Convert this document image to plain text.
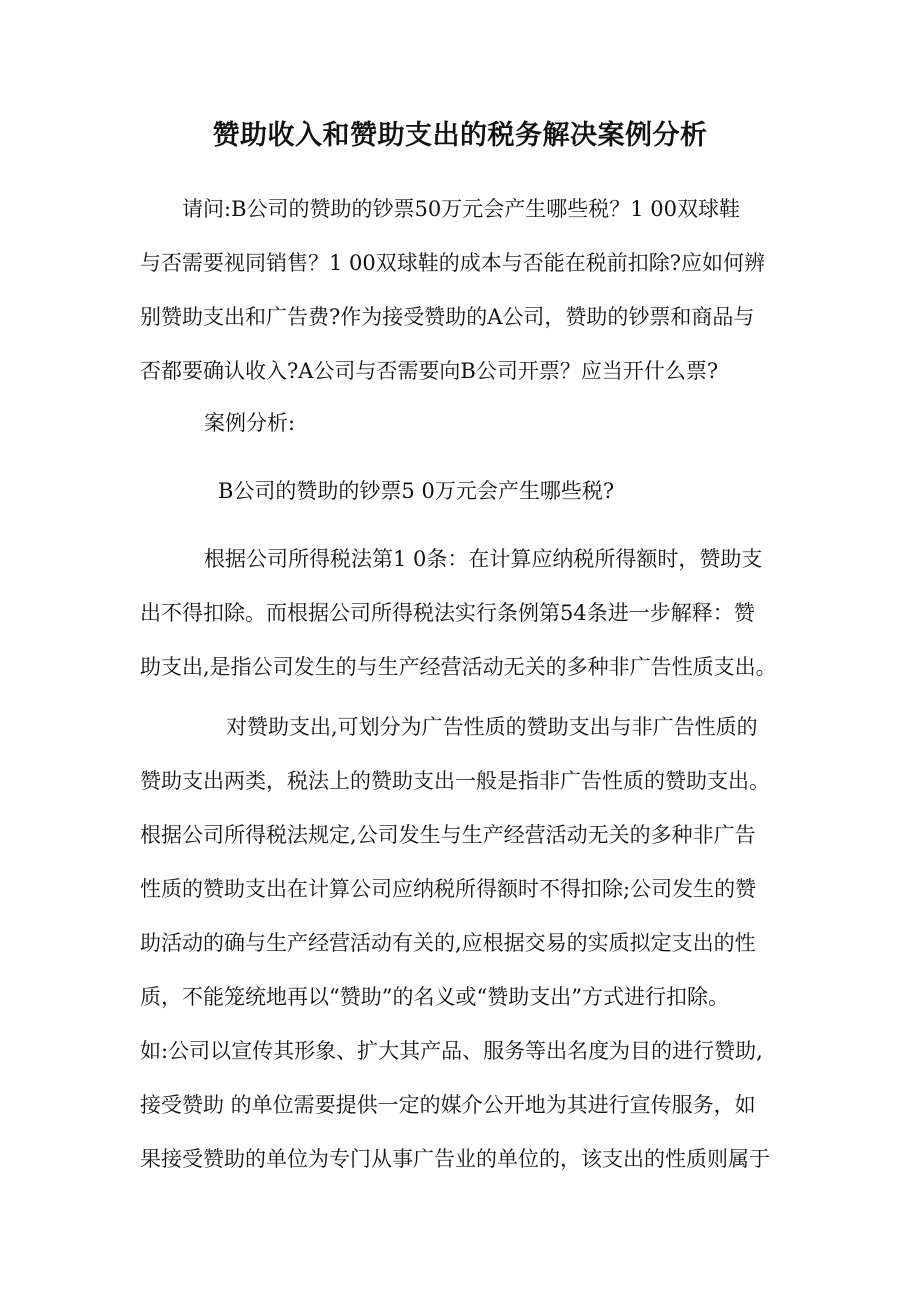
赞助收入和赞助支出的税务解决案例分析

请问:B公司的赞助的钞票50万元会产生哪些税？1 00双球鞋
与否需要视同销售？1 00双球鞋的成本与否能在税前扣除?应如何辨
别赞助支出和广告费?作为接受赞助的A公司，赞助的钞票和商品与
否都要确认收入?A公司与否需要向B公司开票？应当开什么票?

案例分析:

B公司的赞助的钞票5 0万元会产生哪些税?

根据公司所得税法第1 0条：在计算应纳税所得额时，赞助支
出不得扣除。而根据公司所得税法实行条例第54条进一步解释：赞
助支出,是指公司发生的与生产经营活动无关的多种非广告性质支出。

对赞助支出,可划分为广告性质的赞助支出与非广告性质的
赞助支出两类，税法上的赞助支出一般是指非广告性质的赞助支出。
根据公司所得税法规定,公司发生与生产经营活动无关的多种非广告
性质的赞助支出在计算公司应纳税所得额时不得扣除;公司发生的赞
助活动的确与生产经营活动有关的,应根据交易的实质拟定支出的性
质，不能笼统地再以“赞助”的名义或“赞助支出”方式进行扣除。
如:公司以宣传其形象、扩大其产品、服务等出名度为目的进行赞助,
接受赞助 的单位需要提供一定的媒介公开地为其进行宣传服务，如
果接受赞助的单位为专门从事广告业的单位的，该支出的性质则属于
